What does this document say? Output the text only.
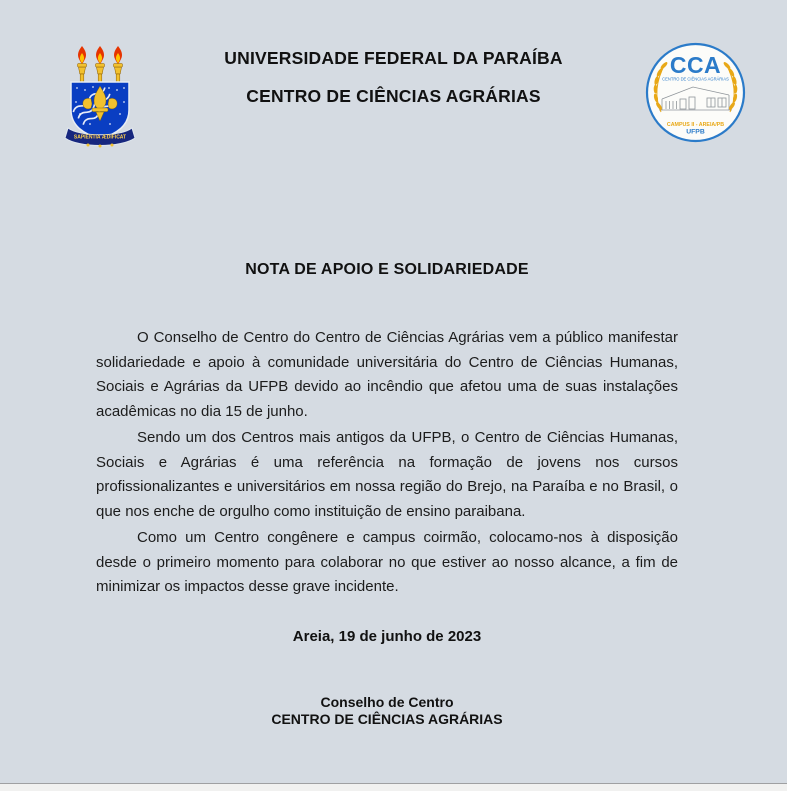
SAPIENTIA ÆDIFICAT
UNIVERSIDADE FEDERAL DA PARAÍBA
CENTRO DE CIÊNCIAS AGRÁRIAS
CCA
CENTRO DE CIÊNCIAS AGRÁRIAS
CAMPUS II - AREIA/PB
UFPB
NOTA DE APOIO E SOLIDARIEDADE

O Conselho de Centro do Centro de Ciências Agrárias vem a público manifestar solidariedade e apoio à comunidade universitária do Centro de Ciências Humanas, Sociais e Agrárias da UFPB devido ao incêndio que afetou uma de suas instalações acadêmicas no dia 15 de junho.

Sendo um dos Centros mais antigos da UFPB, o Centro de Ciências Humanas, Sociais e Agrárias é uma referência na formação de jovens nos cursos profissionalizantes e universitários em nossa região do Brejo, na Paraíba e no Brasil, o que nos enche de orgulho como instituição de ensino paraibana.

Como um Centro congênere e campus coirmão, colocamo-nos à disposição desde o primeiro momento para colaborar no que estiver ao nosso alcance, a fim de minimizar os impactos desse grave incidente.

Areia, 19 de junho de 2023
Conselho de Centro
CENTRO DE CIÊNCIAS AGRÁRIAS
